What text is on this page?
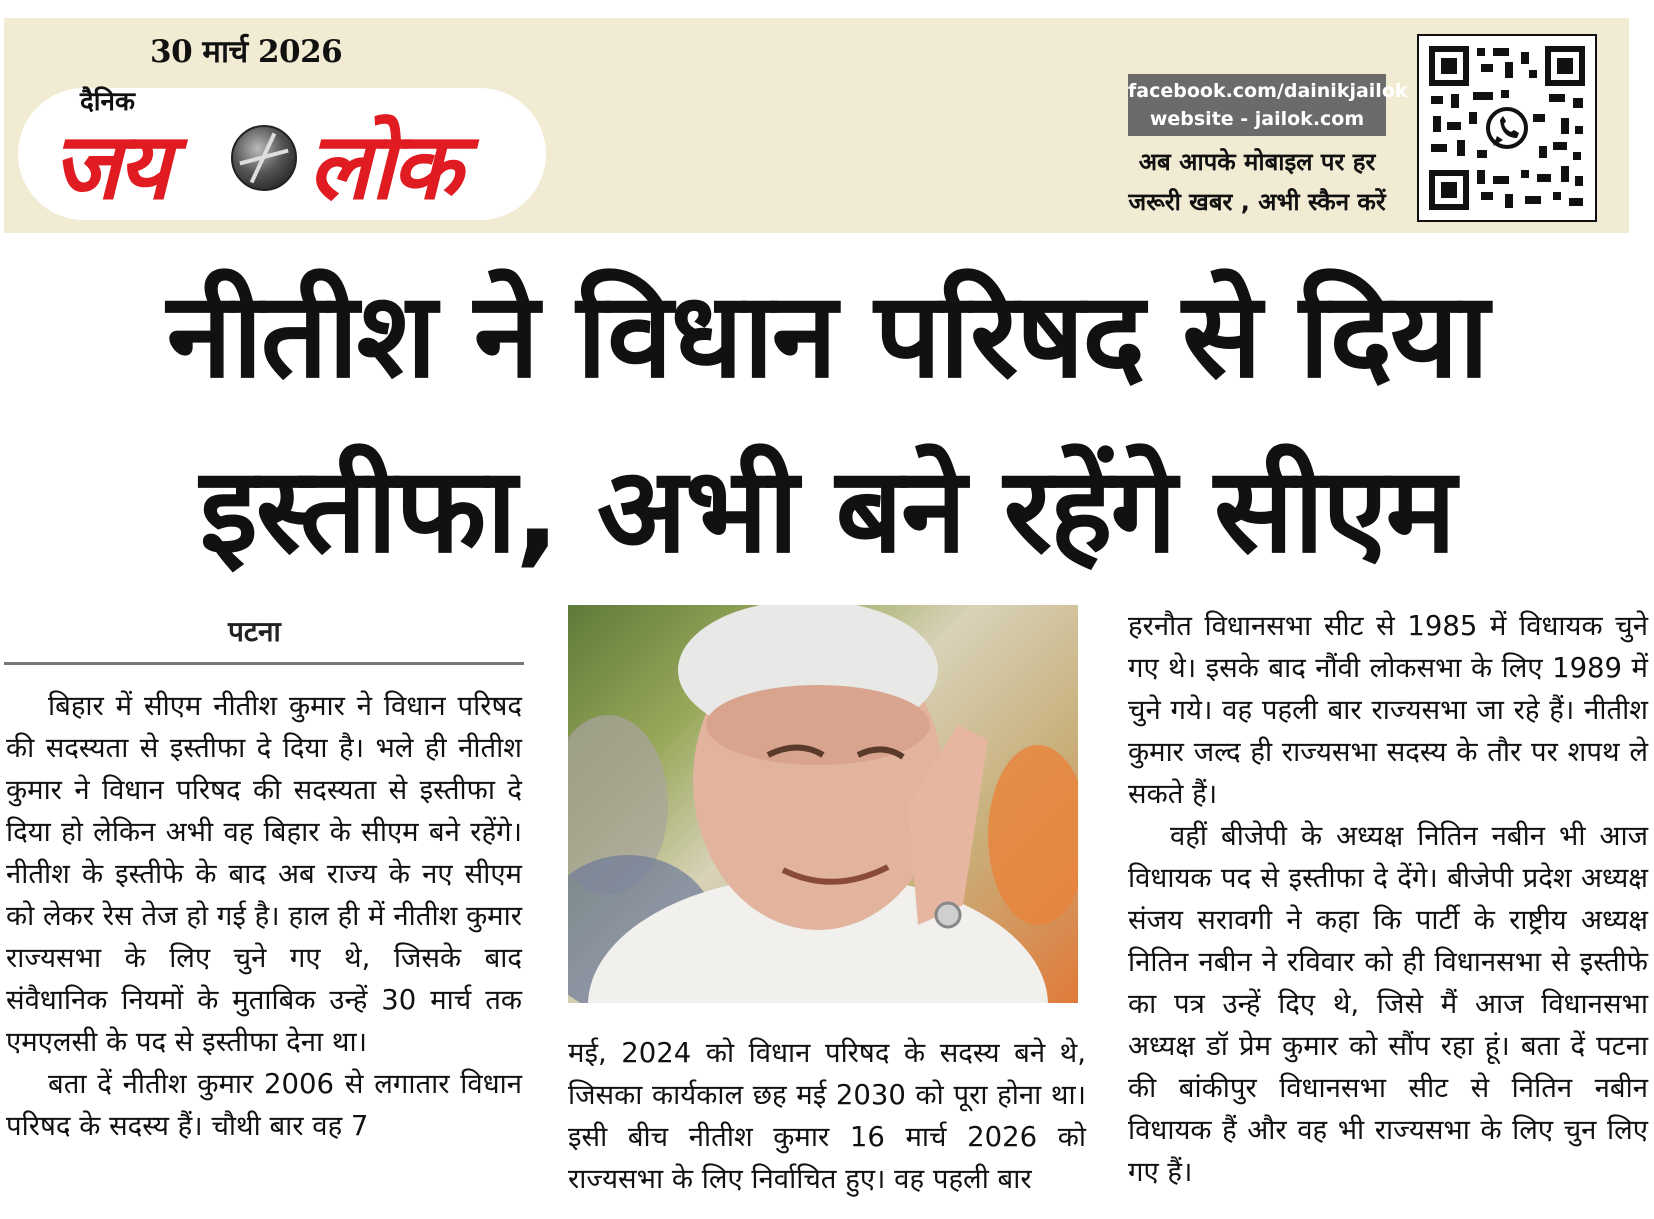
30 मार्च 2026
दैनिक
जय लोक
facebook.com/dainikjailok
website - jailok.com
अब आपके मोबाइल पर हर
जरूरी खबर , अभी स्कैन करें
नीतीश ने विधान परिषद से दिया
इस्तीफा, अभी बने रहेंगे सीएम
पटना

बिहार में सीएम नीतीश कुमार ने विधान परिषद की सदस्यता से इस्तीफा दे दिया है। भले ही नीतीश कुमार ने विधान परिषद की सदस्यता से इस्तीफा दे दिया हो लेकिन अभी वह बिहार के सीएम बने रहेंगे। नीतीश के इस्तीफे के बाद अब राज्य के नए सीएम को लेकर रेस तेज हो गई है। हाल ही में नीतीश कुमार राज्यसभा के लिए चुने गए थे, जिसके बाद संवैधानिक नियमों के मुताबिक उन्हें 30 मार्च तक एमएलसी के पद से इस्तीफा देना था।

बता दें नीतीश कुमार 2006 से लगातार विधान परिषद के सदस्य हैं। चौथी बार वह 7

मई, 2024 को विधान परिषद के सदस्य बने थे, जिसका कार्यकाल छह मई 2030 को पूरा होना था। इसी बीच नीतीश कुमार 16 मार्च 2026 को राज्यसभा के लिए निर्वाचित हुए। वह पहली बार

हरनौत विधानसभा सीट से 1985 में विधायक चुने गए थे। इसके बाद नौंवी लोकसभा के लिए 1989 में चुने गये। वह पहली बार राज्यसभा जा रहे हैं। नीतीश कुमार जल्द ही राज्यसभा सदस्य के तौर पर शपथ ले सकते हैं।

वहीं बीजेपी के अध्यक्ष नितिन नबीन भी आज विधायक पद से इस्तीफा दे देंगे। बीजेपी प्रदेश अध्यक्ष संजय सरावगी ने कहा कि पार्टी के राष्ट्रीय अध्यक्ष नितिन नबीन ने रविवार को ही विधानसभा से इस्तीफे का पत्र उन्हें दिए थे, जिसे मैं आज विधानसभा अध्यक्ष डॉ प्रेम कुमार को सौंप रहा हूं। बता दें पटना की बांकीपुर विधानसभा सीट से नितिन नबीन विधायक हैं और वह भी राज्यसभा के लिए चुन लिए गए हैं।
